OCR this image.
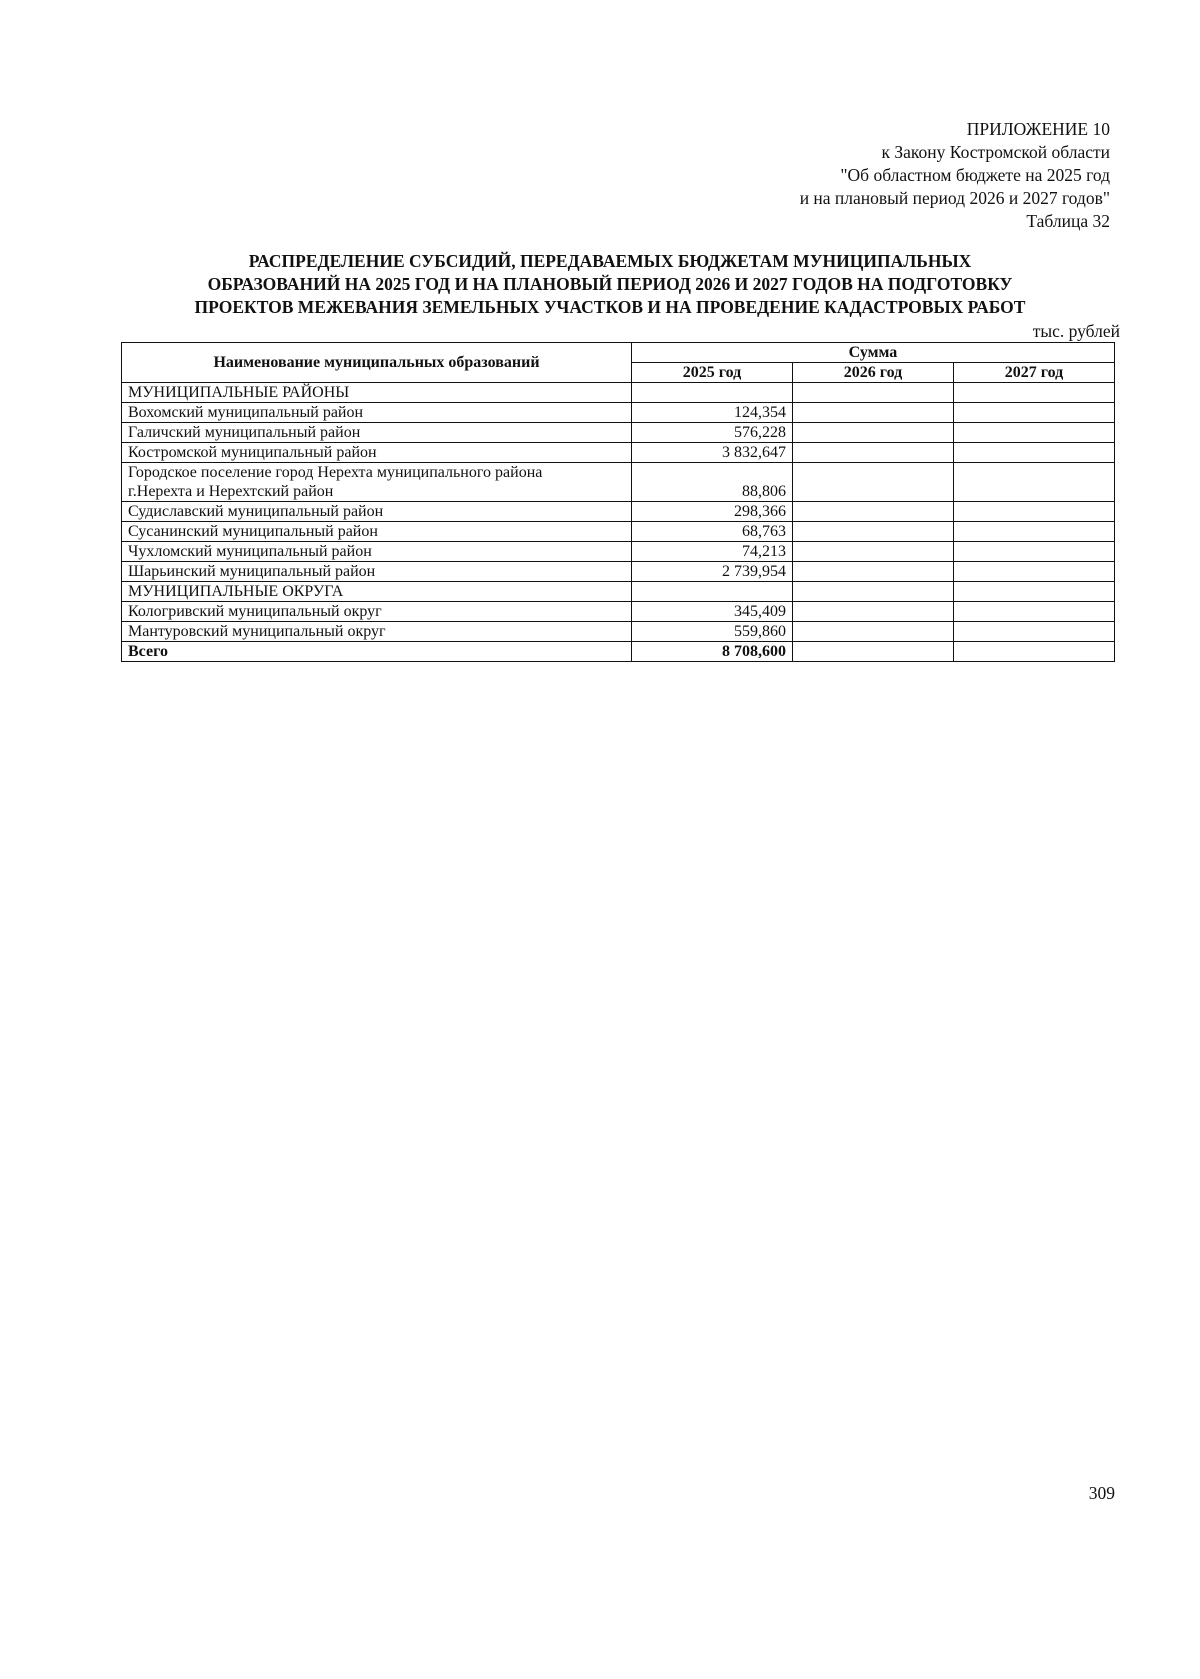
ПРИЛОЖЕНИЕ 10
к Закону Костромской области
"Об областном бюджете на 2025 год
и на плановый период 2026 и 2027 годов"
Таблица 32
РАСПРЕДЕЛЕНИЕ СУБСИДИЙ, ПЕРЕДАВАЕМЫХ БЮДЖЕТАМ МУНИЦИПАЛЬНЫХ
ОБРАЗОВАНИЙ НА 2025 ГОД И НА ПЛАНОВЫЙ ПЕРИОД 2026 И 2027 ГОДОВ НА ПОДГОТОВКУ
ПРОЕКТОВ МЕЖЕВАНИЯ ЗЕМЕЛЬНЫХ УЧАСТКОВ И НА ПРОВЕДЕНИЕ КАДАСТРОВЫХ РАБОТ
тыс. рублей
Наименование муниципальных образований	Сумма		
	2025 год	2026 год	2027 год
МУНИЦИПАЛЬНЫЕ РАЙОНЫ			
Вохомский муниципальный район	124,354		
Галичский муниципальный район	576,228		
Костромской муниципальный район	3 832,647		

Городское поселение город Нерехта муниципального района
г.Нерехта и Нерехтский район	88,806		
Судиславский муниципальный район	298,366		
Сусанинский муниципальный район	68,763		
Чухломский муниципальный район	74,213		
Шарьинский муниципальный район	2 739,954		
МУНИЦИПАЛЬНЫЕ ОКРУГА			
Кологривский муниципальный округ	345,409		
Мантуровский муниципальный округ	559,860		
Всего	8 708,600		
309
